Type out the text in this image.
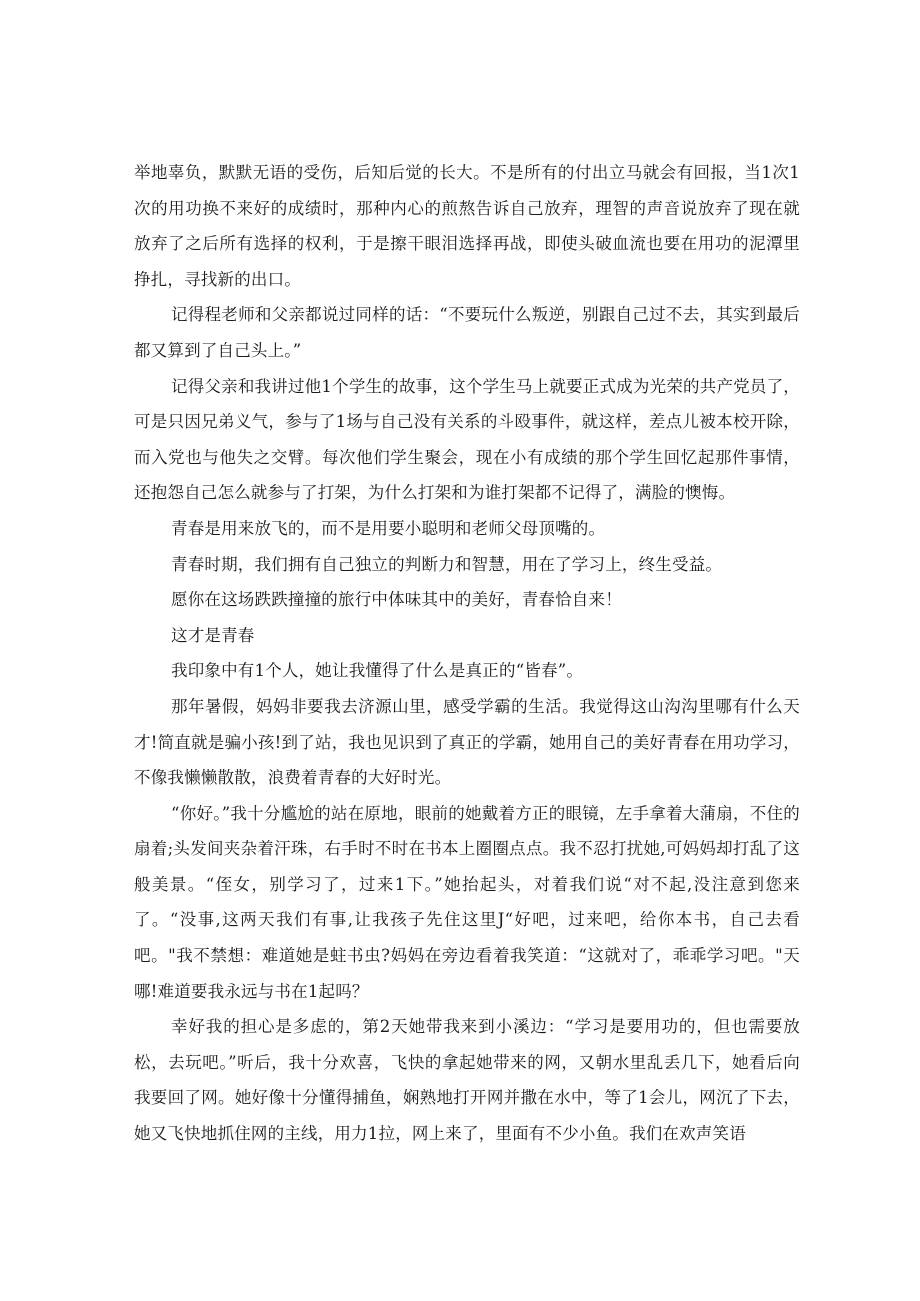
举地辜负，默默无语的受伤，后知后觉的长大。不是所有的付出立马就会有回报，当1次1次的用功换不来好的成绩时，那种内心的煎熬告诉自己放弃，理智的声音说放弃了现在就放弃了之后所有选择的权利，于是擦干眼泪选择再战，即使头破血流也要在用功的泥潭里挣扎，寻找新的出口。

记得程老师和父亲都说过同样的话：“不要玩什么叛逆，别跟自己过不去，其实到最后都又算到了自己头上。”

记得父亲和我讲过他1个学生的故事，这个学生马上就要正式成为光荣的共产党员了，可是只因兄弟义气，参与了1场与自己没有关系的斗殴事件，就这样，差点儿被本校开除，而入党也与他失之交臂。每次他们学生聚会，现在小有成绩的那个学生回忆起那件事情，还抱怨自己怎么就参与了打架，为什么打架和为谁打架都不记得了，满脸的懊悔。

青春是用来放飞的，而不是用要小聪明和老师父母顶嘴的。

青春时期，我们拥有自己独立的判断力和智慧，用在了学习上，终生受益。

愿你在这场跌跌撞撞的旅行中体味其中的美好，青春恰自来！

这才是青春

我印象中有1个人，她让我懂得了什么是真正的“皆春”。

那年暑假，妈妈非要我去济源山里，感受学霸的生活。我觉得这山沟沟里哪有什么天才!简直就是骗小孩!到了站，我也见识到了真正的学霸，她用自己的美好青春在用功学习，不像我懒懒散散，浪费着青春的大好时光。

“你好。”我十分尴尬的站在原地，眼前的她戴着方正的眼镜，左手拿着大蒲扇，不住的扇着;头发间夹杂着汗珠，右手时不时在书本上圈圈点点。我不忍打扰她,可妈妈却打乱了这般美景。“侄女，别学习了，过来1下。”她抬起头，对着我们说“对不起,没注意到您来了。“没事,这两天我们有事,让我孩子先住这里J“好吧，过来吧，给你本书，自己去看吧。"我不禁想：难道她是蛀书虫?妈妈在旁边看着我笑道：“这就对了，乖乖学习吧。"天哪!难道要我永远与书在1起吗？

幸好我的担心是多虑的，第2天她带我来到小溪边：“学习是要用功的，但也需要放松，去玩吧。”听后，我十分欢喜，飞快的拿起她带来的网，又朝水里乱丢几下，她看后向我要回了网。她好像十分懂得捕鱼，娴熟地打开网并撒在水中，等了1会儿，网沉了下去，她又飞快地抓住网的主线，用力1拉，网上来了，里面有不少小鱼。我们在欢声笑语
